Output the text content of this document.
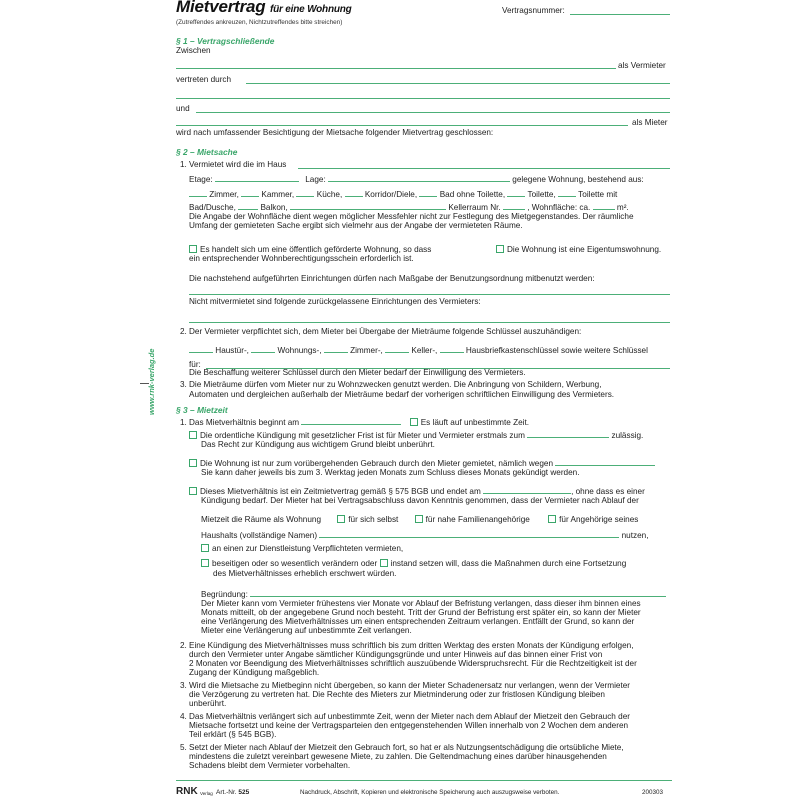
www.rnk-verlag.de
Mietvertrag für eine Wohnung	Vertragsnummer:
(Zutreffendes ankreuzen, Nichtzutreffendes bitte streichen)
§ 1 – Vertragschließende
Zwischen
als Vermieter
vertreten durch
und
als Mieter
wird nach umfassender Besichtigung der Mietsache folgender Mietvertrag geschlossen:
§ 2 – Mietsache
1. Vermietet wird die im Haus
Etage:	Lage:	gelegene Wohnung, bestehend aus:
Zimmer,	Kammer,	Küche,	Korridor/Diele,	Bad ohne Toilette,	Toilette,	Toilette mit
Bad/Dusche,	Balkon,	Kellerraum Nr.	, Wohnfläche: ca.	m².
Die Angabe der Wohnfläche dient wegen möglicher Messfehler nicht zur Festlegung des Mietgegenstandes. Der räumliche
Umfang der gemieteten Sache ergibt sich vielmehr aus der Angabe der vermieteten Räume.
Es handelt sich um eine öffentlich geförderte Wohnung, so dass
ein entsprechender Wohnberechtigungsschein erforderlich ist.
Die Wohnung ist eine Eigentumswohnung.
Die nachstehend aufgeführten Einrichtungen dürfen nach Maßgabe der Benutzungsordnung mitbenutzt werden:
Nicht mitvermietet sind folgende zurückgelassene Einrichtungen des Vermieters:
2. Der Vermieter verpflichtet sich, dem Mieter bei Übergabe der Mieträume folgende Schlüssel auszuhändigen:
Haustür-,	Wohnungs-,	Zimmer-,	Keller-,	Hausbriefkastenschlüssel sowie weitere Schlüssel
für:
Die Beschaffung weiterer Schlüssel durch den Mieter bedarf der Einwilligung des Vermieters.
3. Die Mieträume dürfen vom Mieter nur zu Wohnzwecken genutzt werden. Die Anbringung von Schildern, Werbung,
Automaten und dergleichen außerhalb der Mieträume bedarf der vorherigen schriftlichen Einwilligung des Vermieters.
§ 3 – Mietzeit
1. Das Mietverhältnis beginnt am	Es läuft auf unbestimmte Zeit.
Die ordentliche Kündigung mit gesetzlicher Frist ist für Mieter und Vermieter erstmals zum	zulässig.
Das Recht zur Kündigung aus wichtigem Grund bleibt unberührt.
Die Wohnung ist nur zum vorübergehenden Gebrauch durch den Mieter gemietet, nämlich wegen
Sie kann daher jeweils bis zum 3. Werktag jeden Monats zum Schluss dieses Monats gekündigt werden.
Dieses Mietverhältnis ist ein Zeitmietvertrag gemäß § 575 BGB und endet am	, ohne dass es einer
Kündigung bedarf. Der Mieter hat bei Vertragsabschluss davon Kenntnis genommen, dass der Vermieter nach Ablauf der
Mietzeit die Räume als Wohnung	für sich selbst	für nahe Familienangehörige	für Angehörige seines
Haushalts (vollständige Namen)	nutzen,
an einen zur Dienstleistung Verpflichteten vermieten,
beseitigen oder so wesentlich verändern oder instand setzen will, dass die Maßnahmen durch eine Fortsetzung
des Mietverhältnisses erheblich erschwert würden.
Begründung:
Der Mieter kann vom Vermieter frühestens vier Monate vor Ablauf der Befristung verlangen, dass dieser ihm binnen eines
Monats mitteilt, ob der angegebene Grund noch besteht. Tritt der Grund der Befristung erst später ein, so kann der Mieter
eine Verlängerung des Mietverhältnisses um einen entsprechenden Zeitraum verlangen. Entfällt der Grund, so kann der
Mieter eine Verlängerung auf unbestimmte Zeit verlangen.
2. Eine Kündigung des Mietverhältnisses muss schriftlich bis zum dritten Werktag des ersten Monats der Kündigung erfolgen,
durch den Vermieter unter Angabe sämtlicher Kündigungsgründe und unter Hinweis auf das binnen einer Frist von
2 Monaten vor Beendigung des Mietverhältnisses schriftlich auszuübende Widerspruchsrecht. Für die Rechtzeitigkeit ist der
Zugang der Kündigung maßgeblich.
3. Wird die Mietsache zu Mietbeginn nicht übergeben, so kann der Mieter Schadenersatz nur verlangen, wenn der Vermieter
die Verzögerung zu vertreten hat. Die Rechte des Mieters zur Mietminderung oder zur fristlosen Kündigung bleiben
unberührt.
4. Das Mietverhältnis verlängert sich auf unbestimmte Zeit, wenn der Mieter nach dem Ablauf der Mietzeit den Gebrauch der
Mietsache fortsetzt und keine der Vertragsparteien den entgegenstehenden Willen innerhalb von 2 Wochen dem anderen
Teil erklärt (§ 545 BGB).
5. Setzt der Mieter nach Ablauf der Mietzeit den Gebrauch fort, so hat er als Nutzungsentschädigung die ortsübliche Miete,
mindestens die zuletzt vereinbart gewesene Miete, zu zahlen. Die Geltendmachung eines darüber hinausgehenden
Schadens bleibt dem Vermieter vorbehalten.
RNK Verlag Art.-Nr. 525	Nachdruck, Abschrift, Kopieren und elektronische Speicherung auch auszugsweise verboten.	200303
